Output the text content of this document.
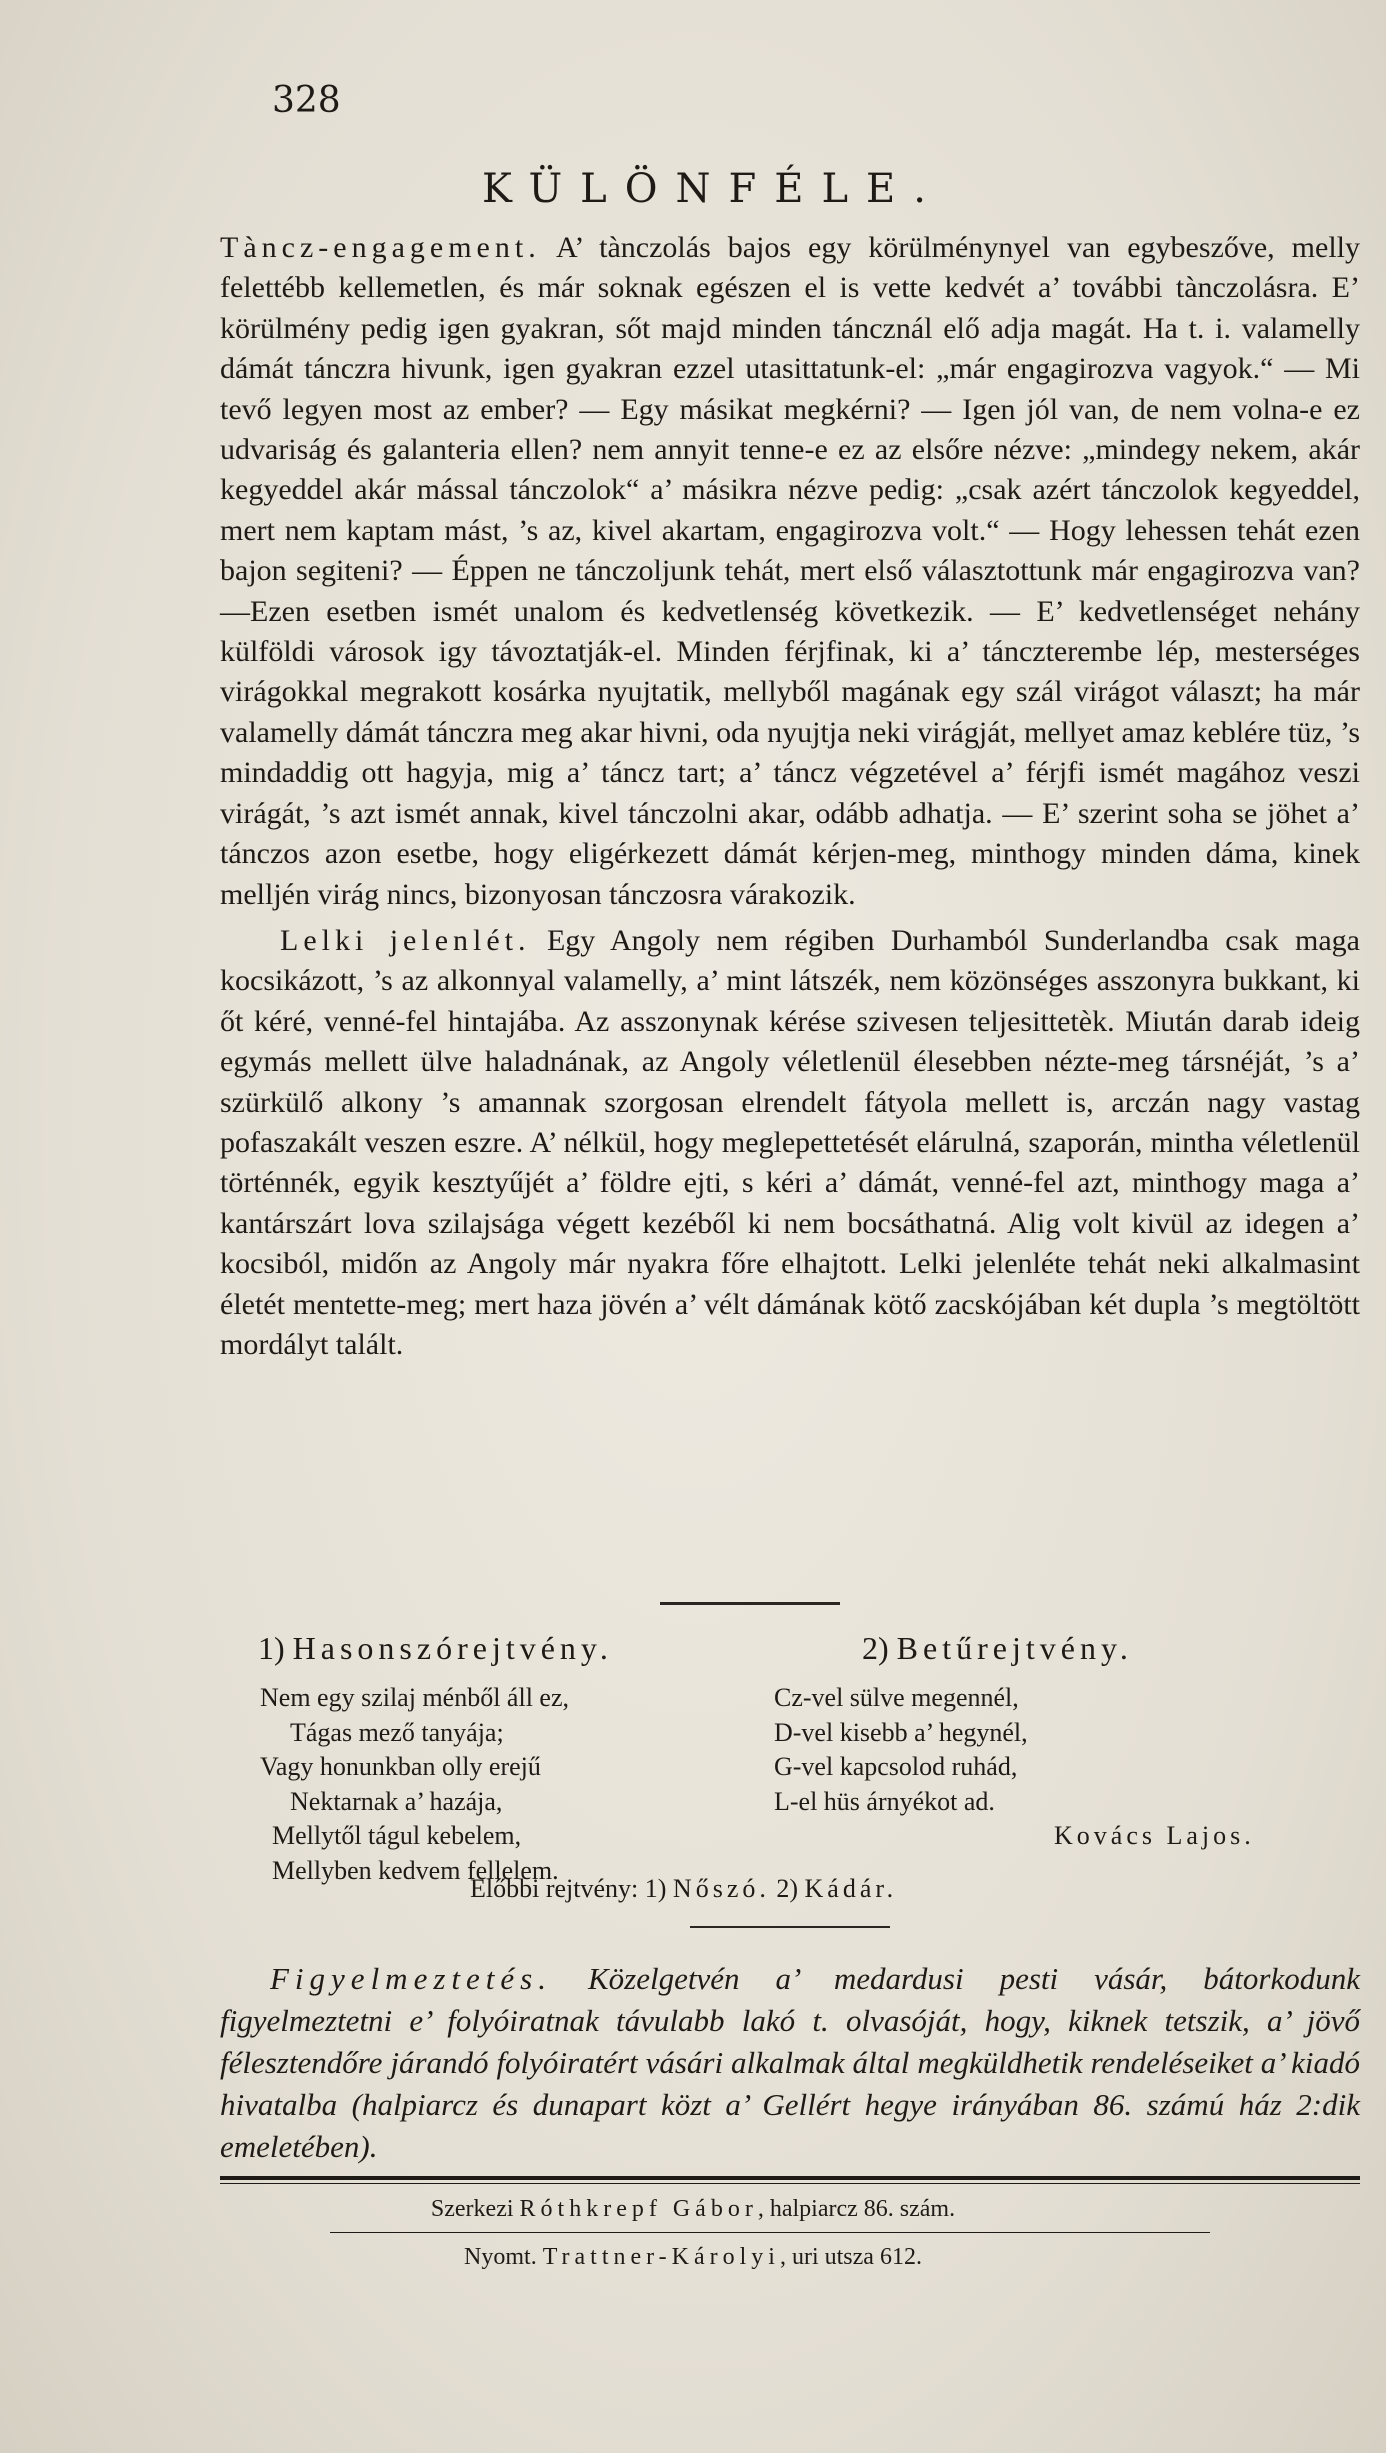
328
KÜLÖNFÉLE.

Tàncz-engagement. A’ tànczolás bajos egy körülménynyel van egybeszőve, melly felettébb kellemetlen, és már soknak egészen el is vette kedvét a’ további tànczolásra. E’ körülmény pedig igen gyakran, sőt majd minden táncznál elő adja magát. Ha t. i. valamelly dámát tánczra hivunk, igen gyakran ezzel utasittatunk-el: „már engagirozva vagyok.“ — Mi tevő legyen most az ember? — Egy másikat megkérni? — Igen jól van, de nem volna-e ez udvariság és galanteria ellen? nem annyit tenne-e ez az elsőre nézve: „mindegy nekem, akár kegyeddel akár mással tánczolok“ a’ másikra nézve pedig: „csak azért tánczolok kegyeddel, mert nem kaptam mást, ’s az, kivel akartam, engagirozva volt.“ — Hogy lehessen tehát ezen bajon segiteni? — Éppen ne tánczoljunk tehát, mert első választottunk már engagirozva van? —Ezen esetben ismét unalom és kedvetlenség következik. — E’ kedvetlenséget nehány külföldi városok igy távoztatják-el. Minden férjfinak, ki a’ tánczterembe lép, mesterséges virágokkal megrakott kosárka nyujtatik, mellyből magának egy szál virágot választ; ha már valamelly dámát tánczra meg akar hivni, oda nyujtja neki virágját, mellyet amaz keblére tüz, ’s mindaddig ott hagyja, mig a’ táncz tart; a’ táncz végzetével a’ férjfi ismét magához veszi virágát, ’s azt ismét annak, kivel tánczolni akar, odább adhatja. — E’ szerint soha se jöhet a’ tánczos azon esetbe, hogy eligérkezett dámát kérjen-meg, minthogy minden dáma, kinek melljén virág nincs, bizonyosan tánczosra várakozik.

Lelki jelenlét. Egy Angoly nem régiben Durhamból Sunderlandba csak maga kocsikázott, ’s az alkonnyal valamelly, a’ mint látszék, nem közönséges asszonyra bukkant, ki őt kéré, venné-fel hintajába. Az asszonynak kérése szivesen teljesittetèk. Miután darab ideig egymás mellett ülve haladnának, az Angoly véletlenül élesebben nézte-meg társnéját, ’s a’ szürkülő alkony ’s amannak szorgosan elrendelt fátyola mellett is, arczán nagy vastag pofaszakált veszen eszre. A’ nélkül, hogy meglepettetését elárulná, szaporán, mintha véletlenül történnék, egyik kesztyűjét a’ földre ejti, s kéri a’ dámát, venné-fel azt, minthogy maga a’ kantárszárt lova szilajsága végett kezéből ki nem bocsáthatná. Alig volt kivül az idegen a’ kocsiból, midőn az Angoly már nyakra főre elhajtott. Lelki jelenléte tehát neki alkalmasint életét mentette-meg; mert haza jövén a’ vélt dámának kötő zacskójában két dupla ’s megtöltött mordályt talált.

1) Hasonszórejtvény.	2) Betűrejtvény.
Nem egy szilaj ménből áll ez,
Tágas mező tanyája;
Vagy honunkban olly erejű
Nektarnak a’ hazája,
Mellytől tágul kebelem,
Mellyben kedvem fellelem.
Cz-vel sülve megennél,
D-vel kisebb a’ hegynél,
G-vel kapcsolod ruhád,
L-el hüs árnyékot ad.
Kovács Lajos.
Előbbi rejtvény: 1) Nőszó. 2) Kádár.
Figyelmeztetés. Közelgetvén a’ medardusi pesti vásár, bátorkodunk figyelmeztetni e’ folyóiratnak távulabb lakó t. olvasóját, hogy, kiknek tetszik, a’ jövő félesztendőre járandó folyóiratért vásári alkalmak által megküldhetik rendeléseiket a’ kiadó hivatalba (halpiarcz és dunapart közt a’ Gellért hegye irányában 86. számú ház 2:dik emeletében).
Szerkezi Róthkrepf Gábor, halpiarcz 86. szám.
Nyomt. Trattner-Károlyi, uri utsza 612.
